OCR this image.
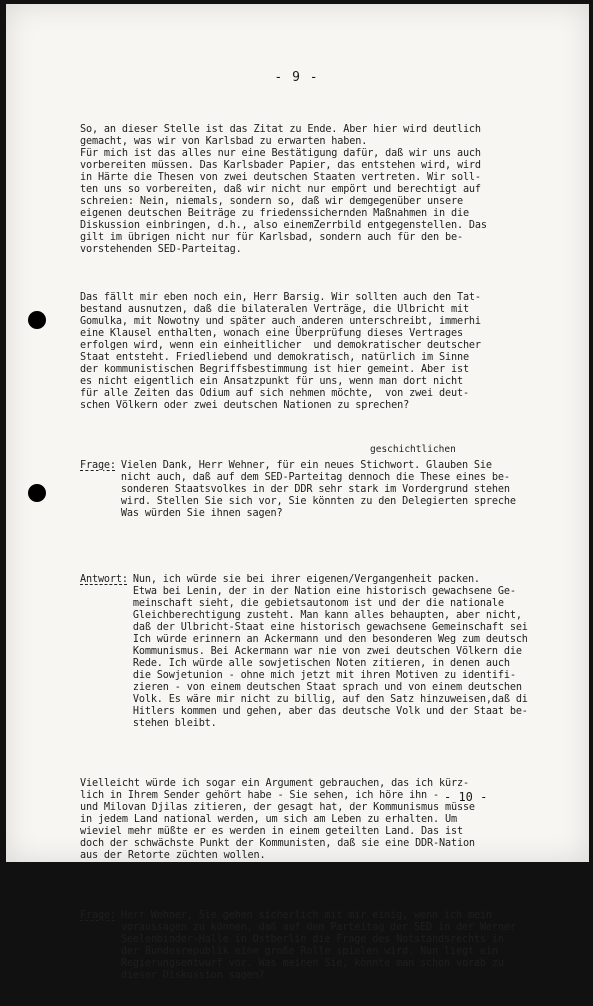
- 9 -

So, an dieser Stelle ist das Zitat zu Ende. Aber hier wird deutlich
gemacht, was wir von Karlsbad zu erwarten haben.
Für mich ist das alles nur eine Bestätigung dafür, daß wir uns auch
vorbereiten müssen. Das Karlsbader Papier, das entstehen wird, wird
in Härte die Thesen von zwei deutschen Staaten vertreten. Wir soll-
ten uns so vorbereiten, daß wir nicht nur empört und berechtigt auf
schreien: Nein, niemals, sondern so, daß wir demgegenüber unsere
eigenen deutschen Beiträge zu friedenssichernden Maßnahmen in die
Diskussion einbringen, d.h., also einemZerrbild entgegenstellen. Das
gilt im übrigen nicht nur für Karlsbad, sondern auch für den be-
vorstehenden SED-Parteitag.

Das fällt mir eben noch ein, Herr Barsig. Wir sollten auch den Tat-
bestand ausnutzen, daß die bilateralen Verträge, die Ulbricht mit
Gomulka, mit Nowotny und später auch anderen unterschreibt, immerhi
eine Klausel enthalten, wonach eine Überprüfung dieses Vertrages
erfolgen wird, wenn ein einheitlicher  und demokratischer deutscher
Staat entsteht. Friedliebend und demokratisch, natürlich im Sinne
der kommunistischen Begriffsbestimmung ist hier gemeint. Aber ist
es nicht eigentlich ein Ansatzpunkt für uns, wenn man dort nicht
für alle Zeiten das Odium auf sich nehmen möchte,  von zwei deut-
schen Völkern oder zwei deutschen Nationen zu sprechen?

Frage: Vielen Dank, Herr Wehner, für ein neues Stichwort. Glauben Sie
nicht auch, daß auf dem SED-Parteitag dennoch die These eines be-
sonderen Staatsvolkes in der DDR sehr stark im Vordergrund stehen
wird. Stellen Sie sich vor, Sie könnten zu den Delegierten spreche
Was würden Sie ihnen sagen?

Antwort: Nun, ich würde sie bei ihrer eigenen/Vergangenheit packen.
Etwa bei Lenin, der in der Nation eine historisch gewachsene Ge-
meinschaft sieht, die gebietsautonom ist und der die nationale
Gleichberechtigung zusteht. Man kann alles behaupten, aber nicht,
daß der Ulbricht-Staat eine historisch gewachsene Gemeinschaft sei
Ich würde erinnern an Ackermann und den besonderen Weg zum deutsch
Kommunismus. Bei Ackermann war nie von zwei deutschen Völkern die
Rede. Ich würde alle sowjetischen Noten zitieren, in denen auch
die Sowjetunion - ohne mich jetzt mit ihren Motiven zu identifi-
zieren - von einem deutschen Staat sprach und von einem deutschen
Volk. Es wäre mir nicht zu billig, auf den Satz hinzuweisen,daß di
Hitlers kommen und gehen, aber das deutsche Volk und der Staat be-
stehen bleibt.

Vielleicht würde ich sogar ein Argument gebrauchen, das ich kürz-
lich in Ihrem Sender gehört habe - Sie sehen, ich höre ihn -
und Milovan Djilas zitieren, der gesagt hat, der Kommunismus müsse
in jedem Land national werden, um sich am Leben zu erhalten. Um
wieviel mehr müßte er es werden in einem geteilten Land. Das ist
doch der schwächste Punkt der Kommunisten, daß sie eine DDR-Nation
aus der Retorte züchten wollen.

Frage: Herr Wehner, Sie gehen sicherlich mit mir einig, wenn ich mein
voraussagen zu können, daß auf dem Parteitag der SED in der Werner
Seelenbinder-Halle in Ostberlin die Frage des Notstandsrechts in
der Bundesrepublik eine große Rolle spielen wird. Nun liegt ein
Regierungsentwurf vor. Was meinen Sie, könnte man schon vorab zu
dieser Diskussion sagen?

geschichtlichen
- 10 -
